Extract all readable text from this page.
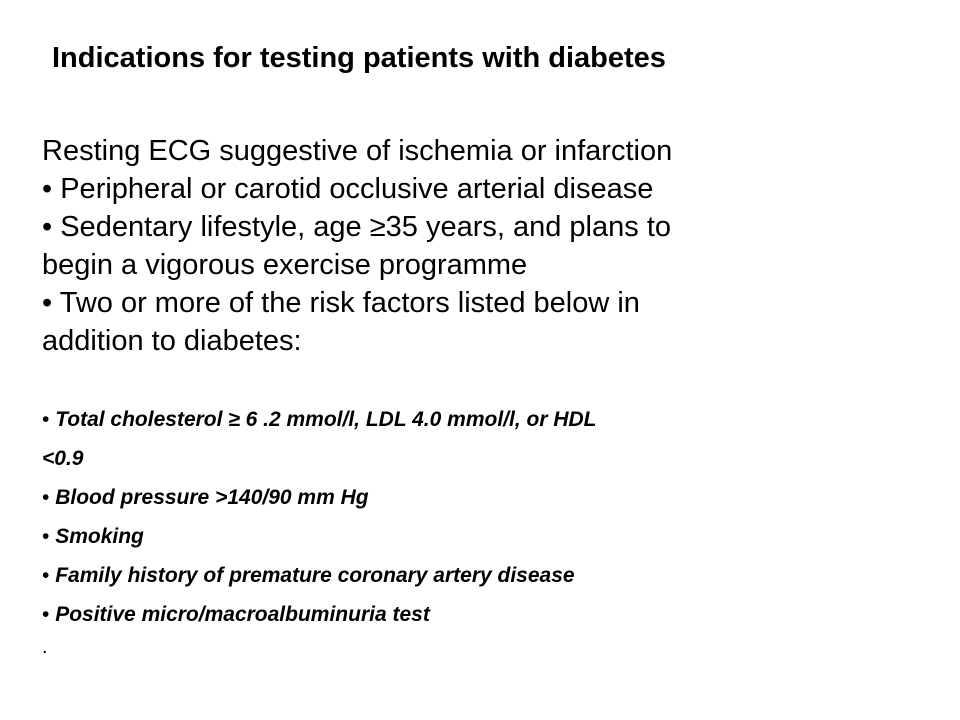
Indications for testing patients with diabetes
Resting ECG suggestive of ischemia or infarction
• Peripheral or carotid occlusive arterial disease
• Sedentary lifestyle, age ≥35 years, and plans to
begin a vigorous exercise programme
• Two or more of the risk factors listed below in
addition to diabetes:
• Total cholesterol ≥ 6 .2 mmol/l, LDL 4.0 mmol/l, or HDL
<0.9
• Blood pressure >140/90 mm Hg
• Smoking
• Family history of premature coronary artery disease
• Positive micro/macroalbuminuria test
.
